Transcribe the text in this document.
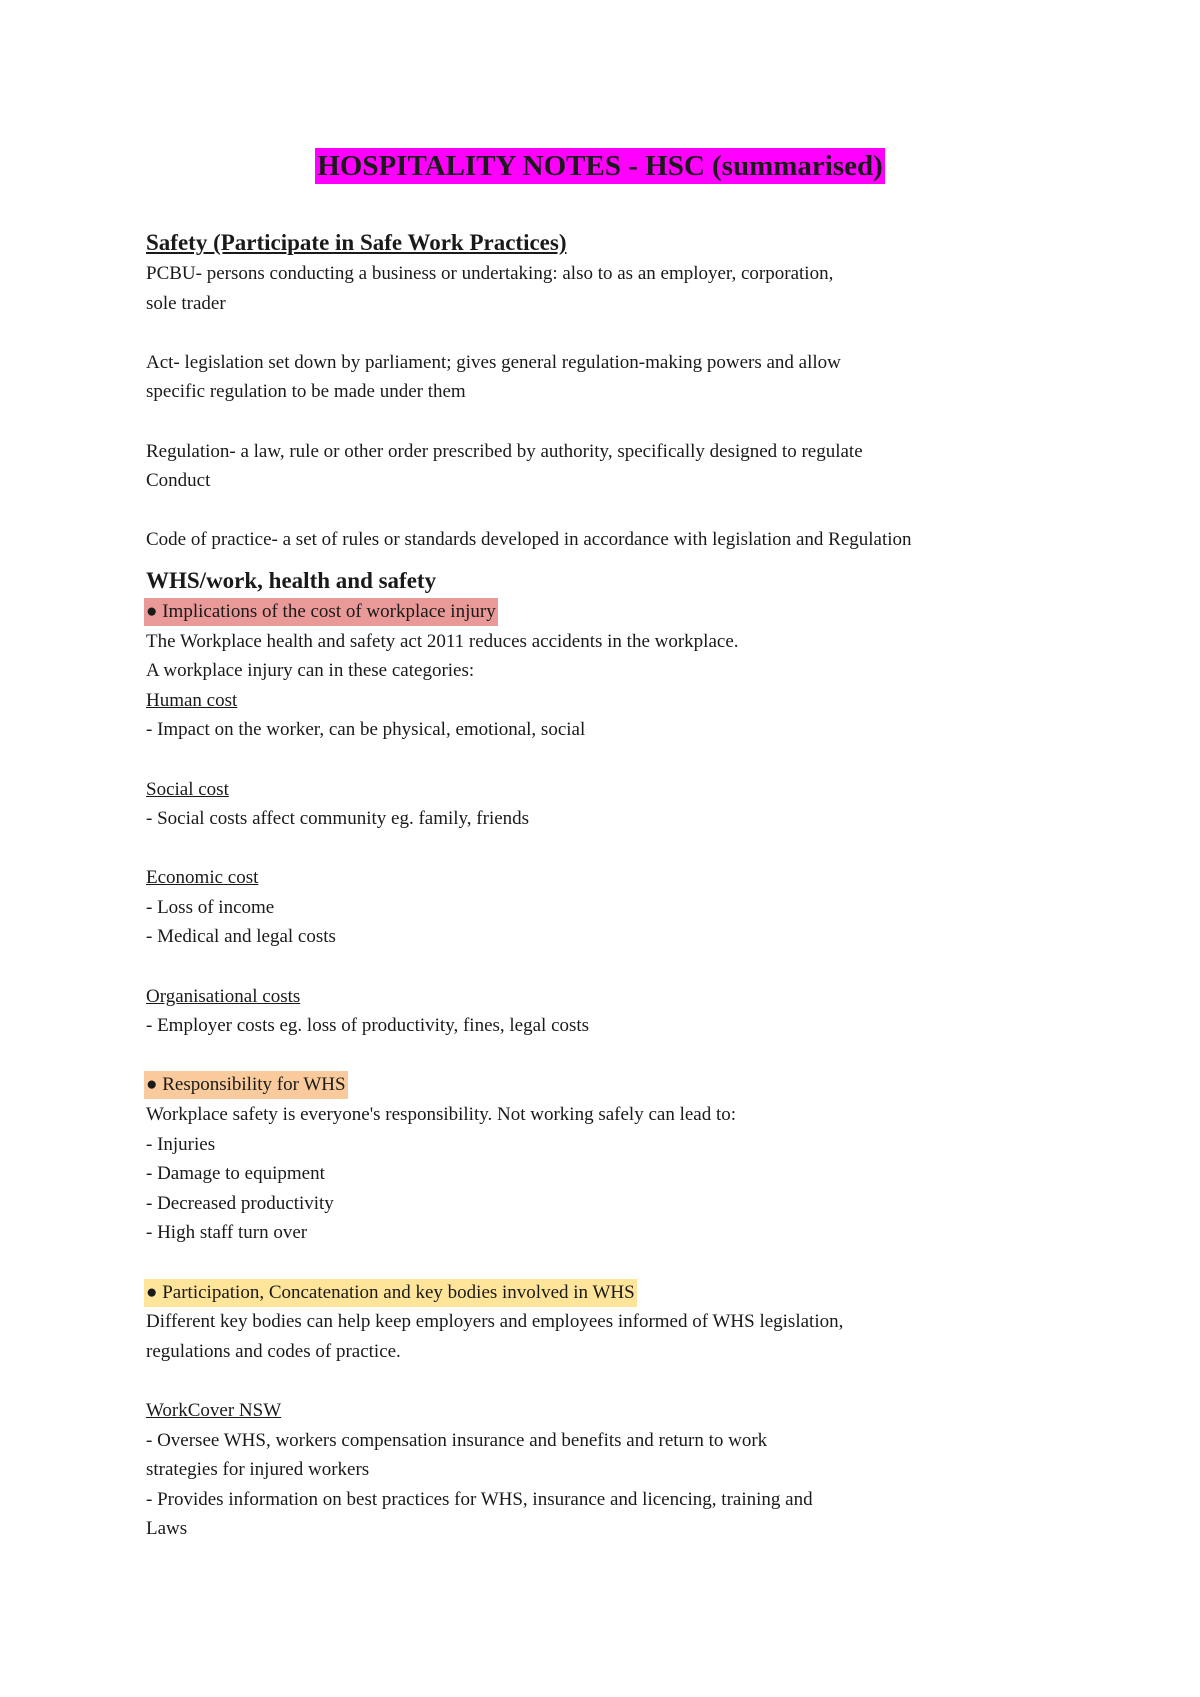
HOSPITALITY NOTES - HSC (summarised)
Safety (Participate in Safe Work Practices)
PCBU- persons conducting a business or undertaking: also to as an employer, corporation,
sole trader
Act- legislation set down by parliament; gives general regulation-making powers and allow
specific regulation to be made under them
Regulation- a law, rule or other order prescribed by authority, specifically designed to regulate
Conduct
Code of practice- a set of rules or standards developed in accordance with legislation and Regulation
WHS/work, health and safety
● Implications of the cost of workplace injury
The Workplace health and safety act 2011 reduces accidents in the workplace.
A workplace injury can in these categories:
Human cost
- Impact on the worker, can be physical, emotional, social
Social cost
- Social costs affect community eg. family, friends
Economic cost
- Loss of income
- Medical and legal costs
Organisational costs
- Employer costs eg. loss of productivity, fines, legal costs
● Responsibility for WHS
Workplace safety is everyone's responsibility. Not working safely can lead to:
- Injuries
- Damage to equipment
- Decreased productivity
- High staff turn over
● Participation, Concatenation and key bodies involved in WHS
Different key bodies can help keep employers and employees informed of WHS legislation,
regulations and codes of practice.
WorkCover NSW
- Oversee WHS, workers compensation insurance and benefits and return to work
strategies for injured workers
- Provides information on best practices for WHS, insurance and licencing, training and
Laws
